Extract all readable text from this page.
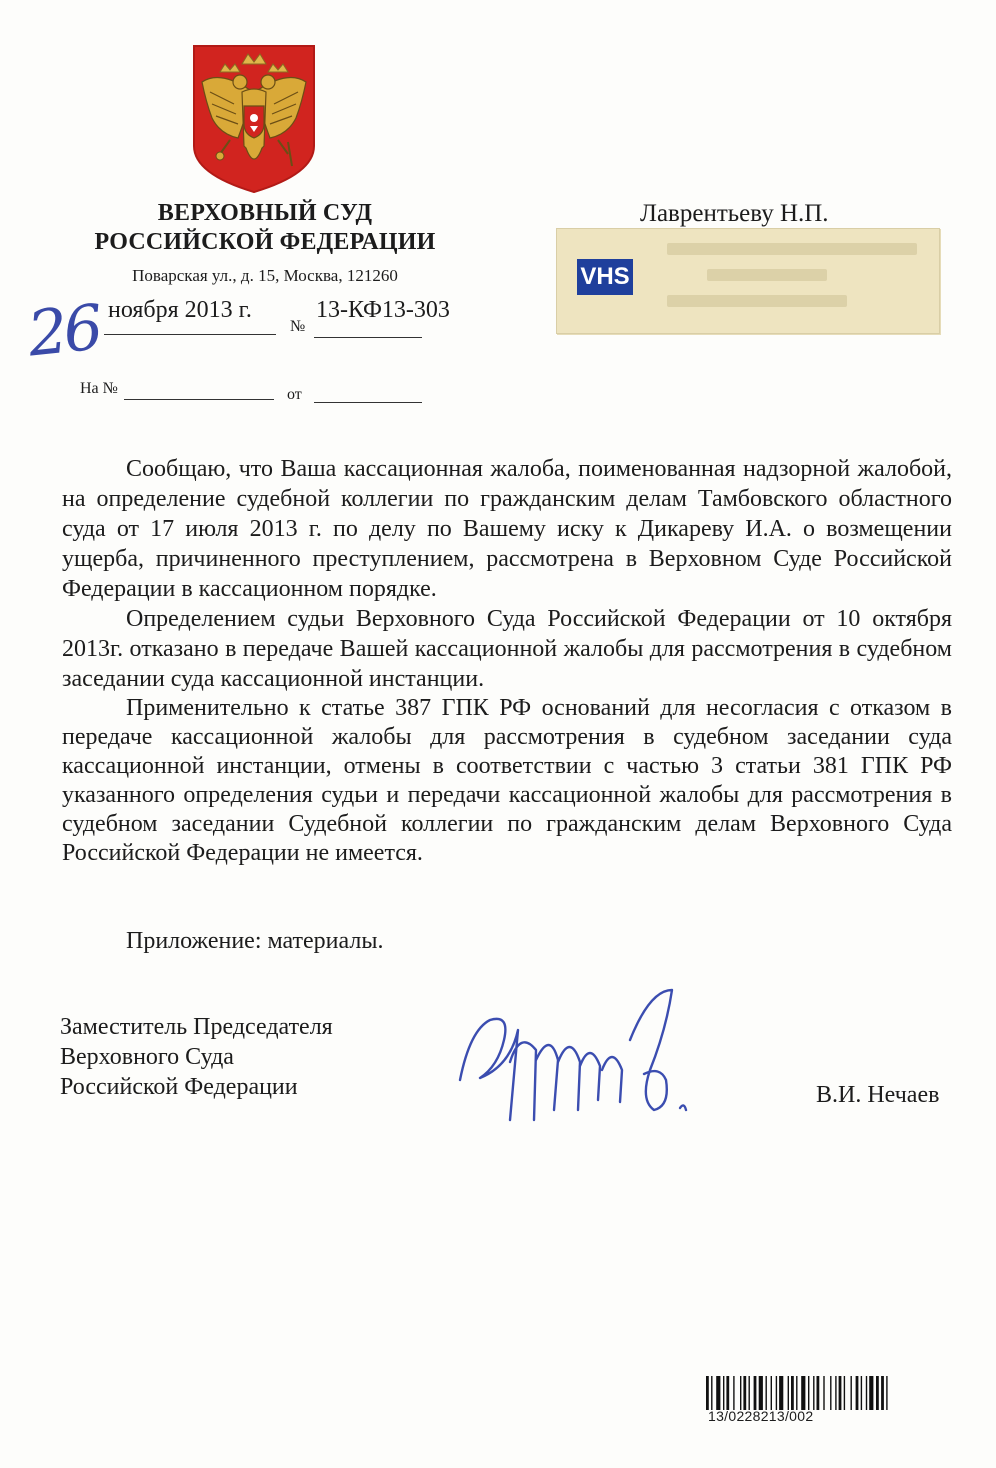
ВЕРХОВНЫЙ СУД
РОССИЙСКОЙ ФЕДЕРАЦИИ
Поварская ул., д. 15, Москва, 121260
26 ноября 2013 г.
№
13-КФ13-303
На №	от
Лаврентьеву Н.П.
VHS

Сообщаю, что Ваша кассационная жалоба, поименованная надзорной жалобой, на определение судебной коллегии по гражданским делам Тамбовского областного суда от 17 июля 2013 г. по делу по Вашему иску к Дикареву И.А. о возмещении ущерба, причиненного преступлением, рассмотрена в Верховном Суде Российской Федерации в кассационном порядке.

Определением судьи Верховного Суда Российской Федерации от 10 октября 2013г. отказано в передаче Вашей кассационной жалобы для рассмотрения в судебном заседании суда кассационной инстанции.

Применительно к статье 387 ГПК РФ оснований для несогласия с отказом в передаче кассационной жалобы для рассмотрения в судебном заседании суда кассационной инстанции, отмены в соответствии с частью 3 статьи 381 ГПК РФ указанного определения судьи и передачи кассационной жалобы для рассмотрения в судебном заседании Судебной коллегии по гражданским делам Верховного Суда Российской Федерации не имеется.

Приложение: материалы.
Заместитель Председателя
Верховного Суда
Российской Федерации	В.И. Нечаев
13/0228213/002
